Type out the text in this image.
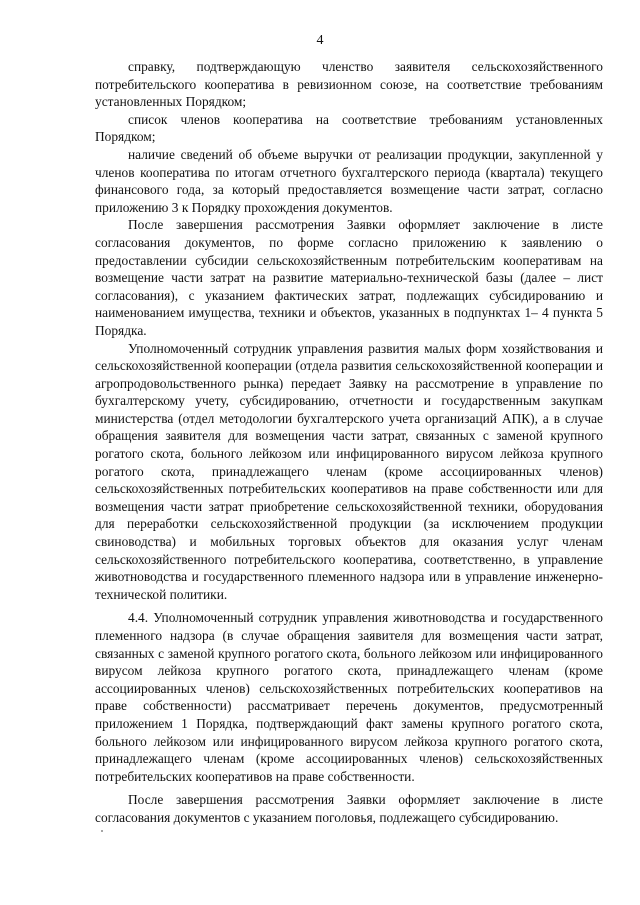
4

справку, подтверждающую членство заявителя сельскохозяйственного потребительского кооператива в ревизионном союзе, на соответствие требованиям установленных Порядком;

список членов кооператива на соответствие требованиям установленных Порядком;

наличие сведений об объеме выручки от реализации продукции, закупленной у членов кооператива по итогам отчетного бухгалтерского периода (квартала) текущего финансового года, за который предоставляется возмещение части затрат, согласно приложению 3 к Порядку прохождения документов.

После завершения рассмотрения Заявки оформляет заключение в листе согласования документов, по форме согласно приложению к заявлению о предоставлении субсидии сельскохозяйственным потребительским кооперативам на возмещение части затрат на развитие материально-технической базы (далее – лист согласования), с указанием фактических затрат, подлежащих субсидированию и наименованием имущества, техники и объектов, указанных в подпунктах 1– 4 пункта 5 Порядка.

Уполномоченный сотрудник управления развития малых форм хозяйствования и сельскохозяйственной кооперации (отдела развития сельскохозяйственной кооперации и агропродовольственного рынка) передает Заявку на рассмотрение в управление по бухгалтерскому учету, субсидированию, отчетности и государственным закупкам министерства (отдел методологии бухгалтерского учета организаций АПК), а в случае обращения заявителя для возмещения части затрат, связанных с заменой крупного рогатого скота, больного лейкозом или инфицированного вирусом лейкоза крупного рогатого скота, принадлежащего членам (кроме ассоциированных членов) сельскохозяйственных потребительских кооперативов на праве собственности или для возмещения части затрат приобретение сельскохозяйственной техники, оборудования для переработки сельскохозяйственной продукции (за исключением продукции свиноводства) и мобильных торговых объектов для оказания услуг членам сельскохозяйственного потребительского кооператива, соответственно, в управление животноводства и государственного племенного надзора или в управление инженерно-технической политики.

4.4. Уполномоченный сотрудник управления животноводства и государственного племенного надзора (в случае обращения заявителя для возмещения части затрат, связанных с заменой крупного рогатого скота, больного лейкозом или инфицированного вирусом лейкоза крупного рогатого скота, принадлежащего членам (кроме ассоциированных членов) сельскохозяйственных потребительских кооперативов на праве собственности) рассматривает перечень документов, предусмотренный приложением 1 Порядка, подтверждающий факт замены крупного рогатого скота, больного лейкозом или инфицированного вирусом лейкоза крупного рогатого скота, принадлежащего членам (кроме ассоциированных членов) сельскохозяйственных потребительских кооперативов на праве собственности.

После завершения рассмотрения Заявки оформляет заключение в листе согласования документов с указанием поголовья, подлежащего субсидированию.
